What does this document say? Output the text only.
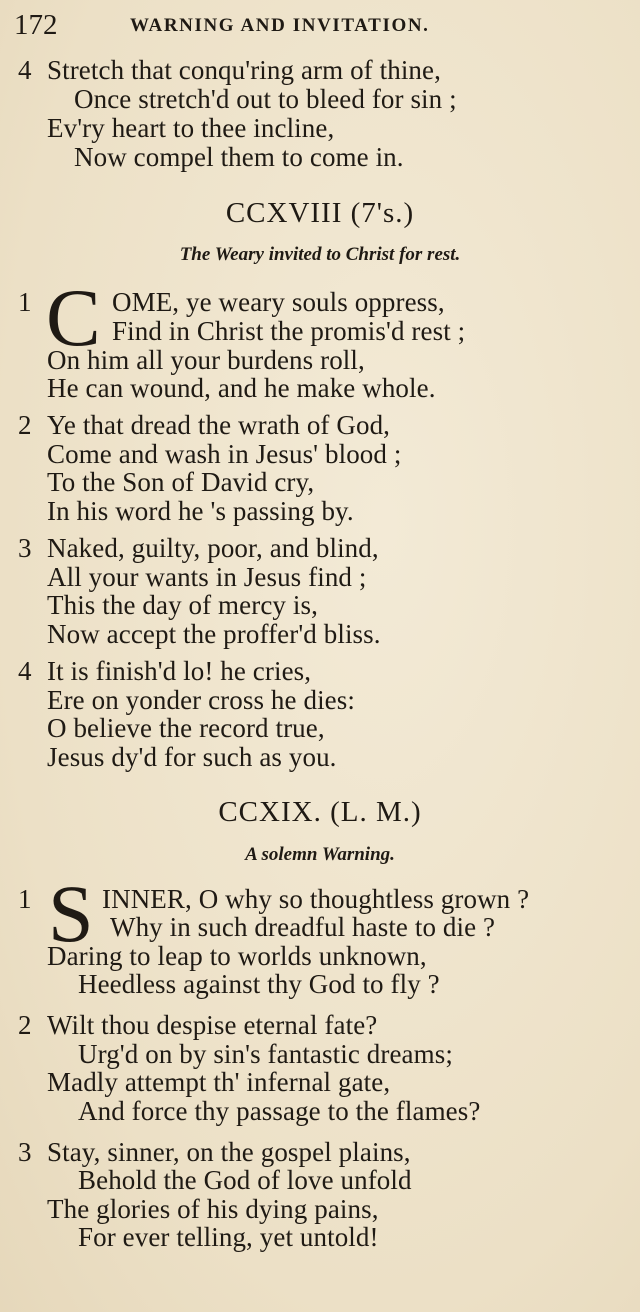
172	WARNING AND INVITATION.
4 Stretch that conqu'ring arm of thine,
Once stretch'd out to bleed for sin ;
Ev'ry heart to thee incline,
Now compel them to come in.
CCXVIII (7's.)
The Weary invited to Christ for rest.
1 C OME, ye weary souls oppress,
Find in Christ the promis'd rest ;
On him all your burdens roll,
He can wound, and he make whole.
2 Ye that dread the wrath of God,
Come and wash in Jesus' blood ;
To the Son of David cry,
In his word he 's passing by.
3 Naked, guilty, poor, and blind,
All your wants in Jesus find ;
This the day of mercy is,
Now accept the proffer'd bliss.
4 It is finish'd lo! he cries,
Ere on yonder cross he dies:
O believe the record true,
Jesus dy'd for such as you.
CCXIX. (L. M.)
A solemn Warning.
1 S INNER, O why so thoughtless grown ?
Why in such dreadful haste to die ?
Daring to leap to worlds unknown,
Heedless against thy God to fly ?
2 Wilt thou despise eternal fate?
Urg'd on by sin's fantastic dreams;
Madly attempt th' infernal gate,
And force thy passage to the flames?
3 Stay, sinner, on the gospel plains,
Behold the God of love unfold
The glories of his dying pains,
For ever telling, yet untold!
